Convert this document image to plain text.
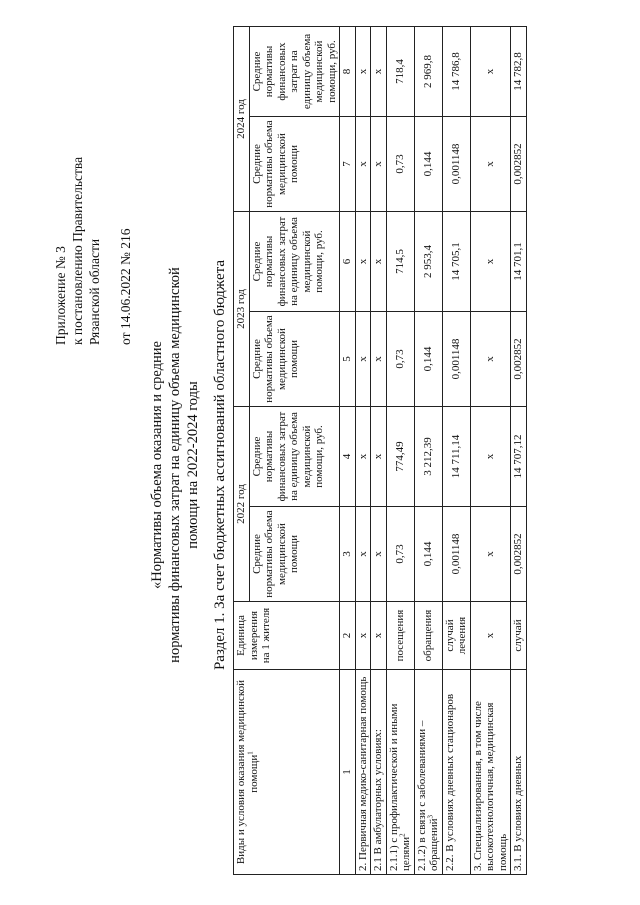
Приложение № 3 к постановлению Правительства Рязанской области от 14.06.2022 № 216
«Нормативы объема оказания и средние нормативы финансовых затрат на единицу объема медицинской помощи на 2022-2024 годы Раздел 1. За счет бюджетных ассигнований областного бюджета
Виды и условия оказания медицинской помощи$^1$	Единица измерения на 1 жителя	2022 год		2023 год		2024 год	
		Средние нормативы объема медицинской помощи	Средние нормативы финансовых затрат на единицу объема медицинской помощи, руб.	Средние нормативы объема медицинской помощи	Средние нормативы финансовых затрат на единицу объема медицинской помощи, руб.	Средние нормативы объема медицинской помощи	Средние нормативы финансовых затрат на единицу объема медицинской помощи, руб.
1	2	3	4	5	6	7	8
2. Первичная медико-санитарная помощь	х	х	х	х	х	х	х
2.1 В амбулаторных условиях:	х	х	х	х	х	х	х
2.1.1) с профилактической и иными целями$^2$	посещения	0,73	774,49	0,73	714,5	0,73	718,4
2.1.2) в связи с заболеваниями – обращений$^3$	обращения	0,144	3 212,39	0,144	2 953,4	0,144	2 969,8
2.2. В условиях дневных стационаров	случай лечения	0,001148	14 711,14	0,001148	14 705,1	0,001148	14 786,8
3. Специализированная, в том числе высокотехнологичная, медицинская помощь	х	х	х	х	х	х	х
3.1. В условиях дневных	случай	0,002852	14 707,12	0,002852	14 701,1	0,002852	14 782,8
